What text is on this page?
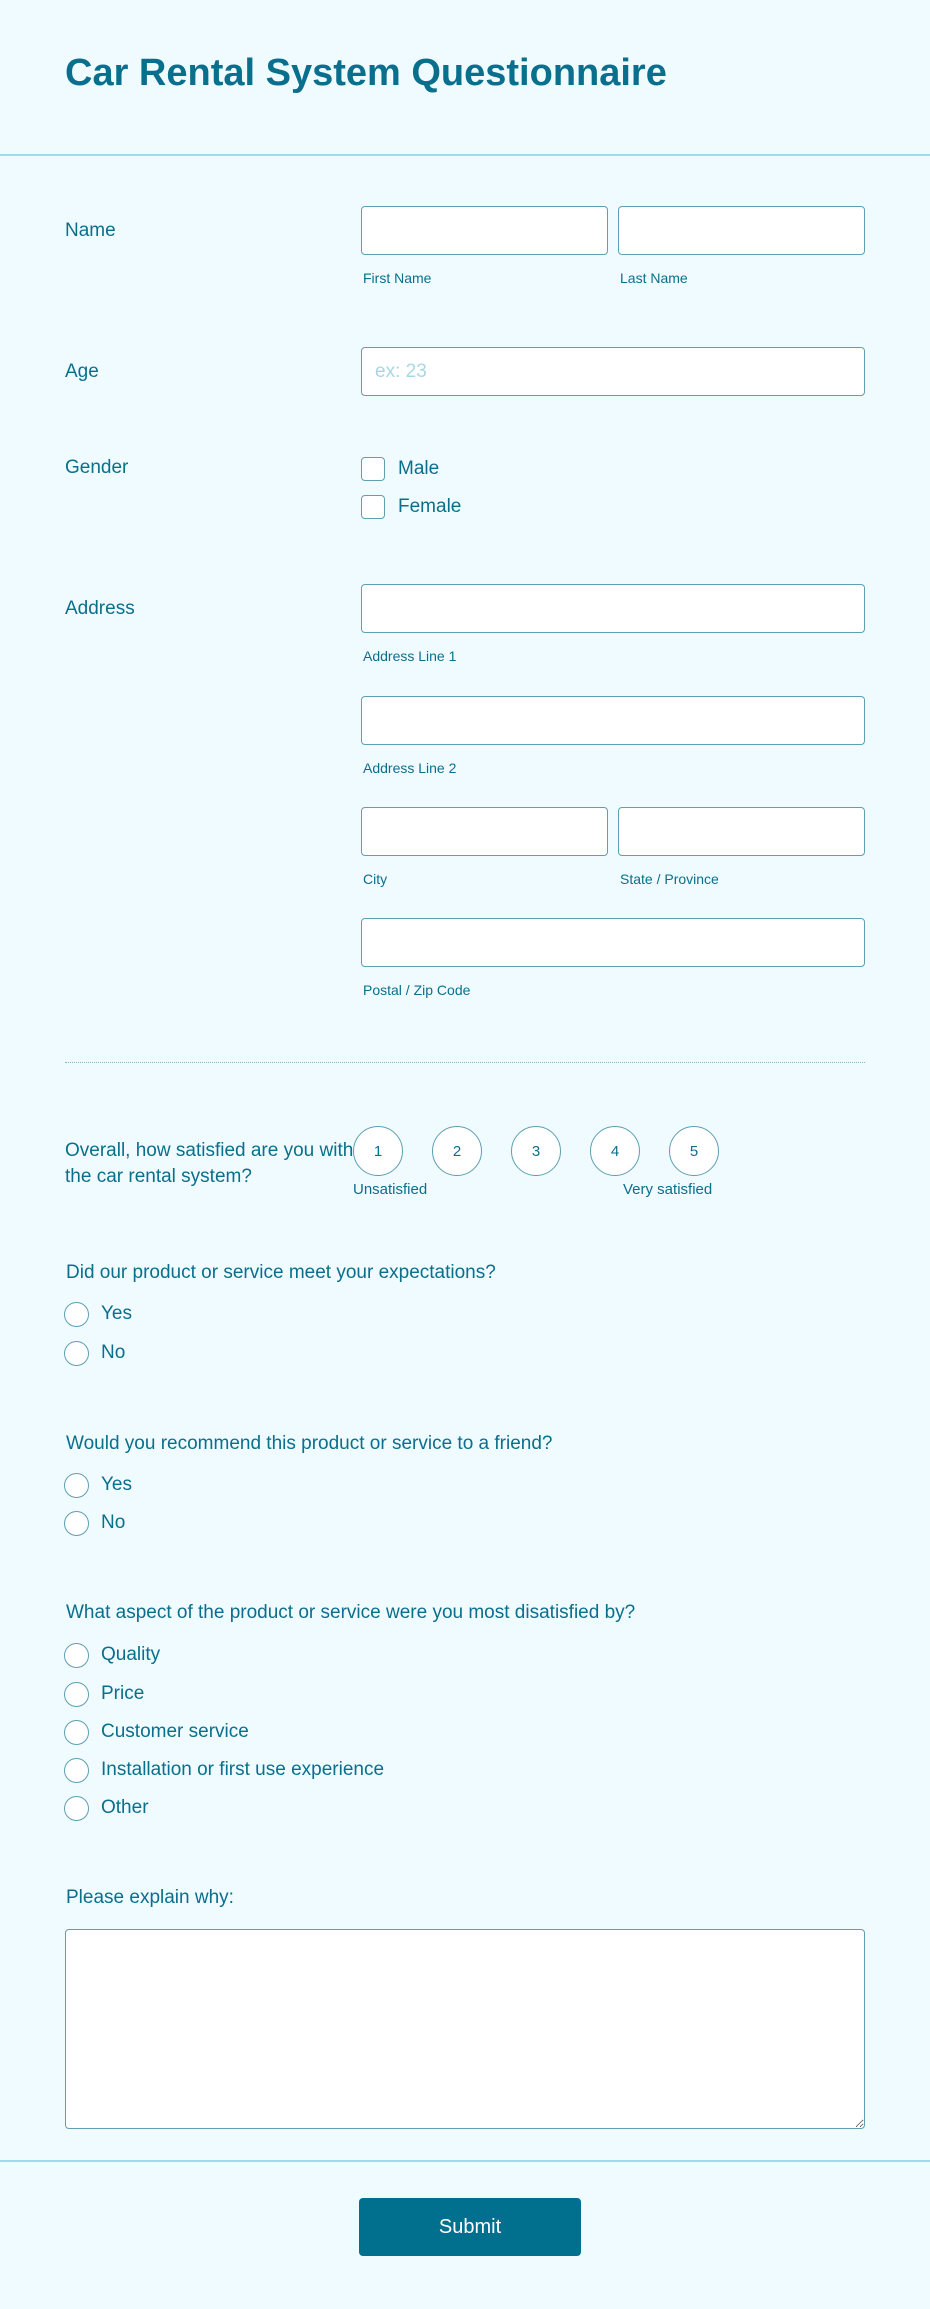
Car Rental System Questionnaire
Name
First Name	Last Name
Age
ex: 23
Gender	Male
Female
Address
Address Line 1
Address Line 2
City	State / Province
Postal / Zip Code
Overall, how satisfied are you with the car rental system?
1	2	3	4	5
Unsatisfied	Very satisfied
Did our product or service meet your expectations?
Yes
No
Would you recommend this product or service to a friend?
Yes
No
What aspect of the product or service were you most disatisfied by?
Quality
Price
Customer service
Installation or first use experience
Other
Please explain why:
Submit
